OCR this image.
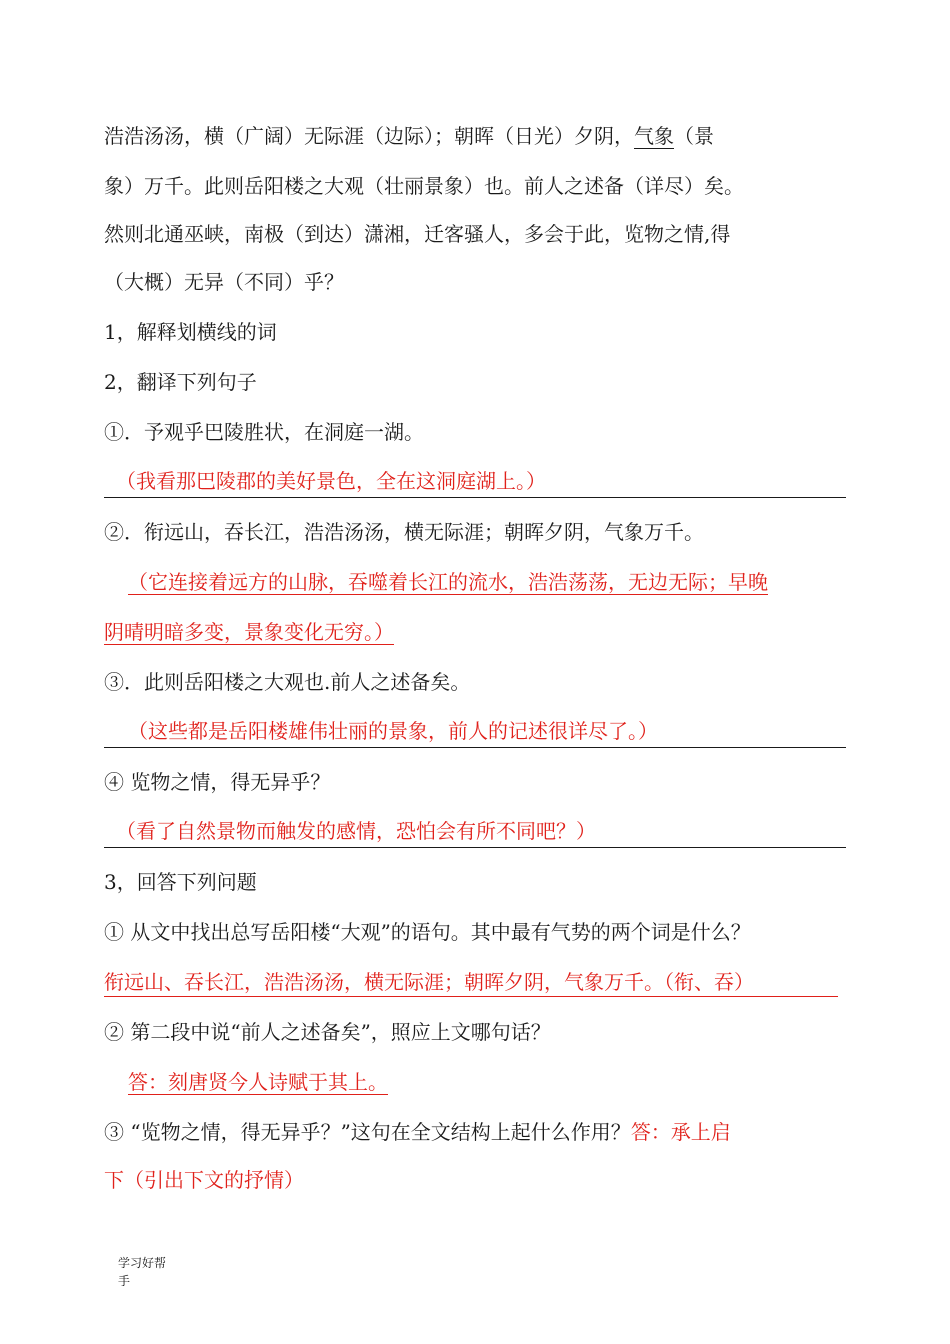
浩浩汤汤，横（广阔）无际涯（边际）；朝晖（日光）夕阴，气象（景
象）万千。此则岳阳楼之大观（壮丽景象）也。前人之述备（详尽）矣。
然则北通巫峡，南极（到达）潇湘，迁客骚人，多会于此，览物之情,得
（大概）无异（不同）乎？
1，解释划横线的词
2，翻译下列句子
①．予观乎巴陵胜状，在洞庭一湖。
（我看那巴陵郡的美好景色，全在这洞庭湖上。）
②．衔远山，吞长江，浩浩汤汤，横无际涯；朝晖夕阴，气象万千。
（它连接着远方的山脉，吞噬着长江的流水，浩浩荡荡，无边无际；早晚
阴晴明暗多变，景象变化无穷。）
③．此则岳阳楼之大观也.前人之述备矣。
（这些都是岳阳楼雄伟壮丽的景象，前人的记述很详尽了。）
④ 览物之情，得无异乎？
（看了自然景物而触发的感情，恐怕会有所不同吧？）
3，回答下列问题
① 从文中找出总写岳阳楼“大观”的语句。其中最有气势的两个词是什么？
衔远山、吞长江，浩浩汤汤，横无际涯；朝晖夕阴，气象万千。（衔、吞）
② 第二段中说“前人之述备矣”，照应上文哪句话？
答：刻唐贤今人诗赋于其上。
③ “览物之情，得无异乎？”这句在全文结构上起什么作用？答：承上启
下（引出下文的抒情）
学习好帮
手
